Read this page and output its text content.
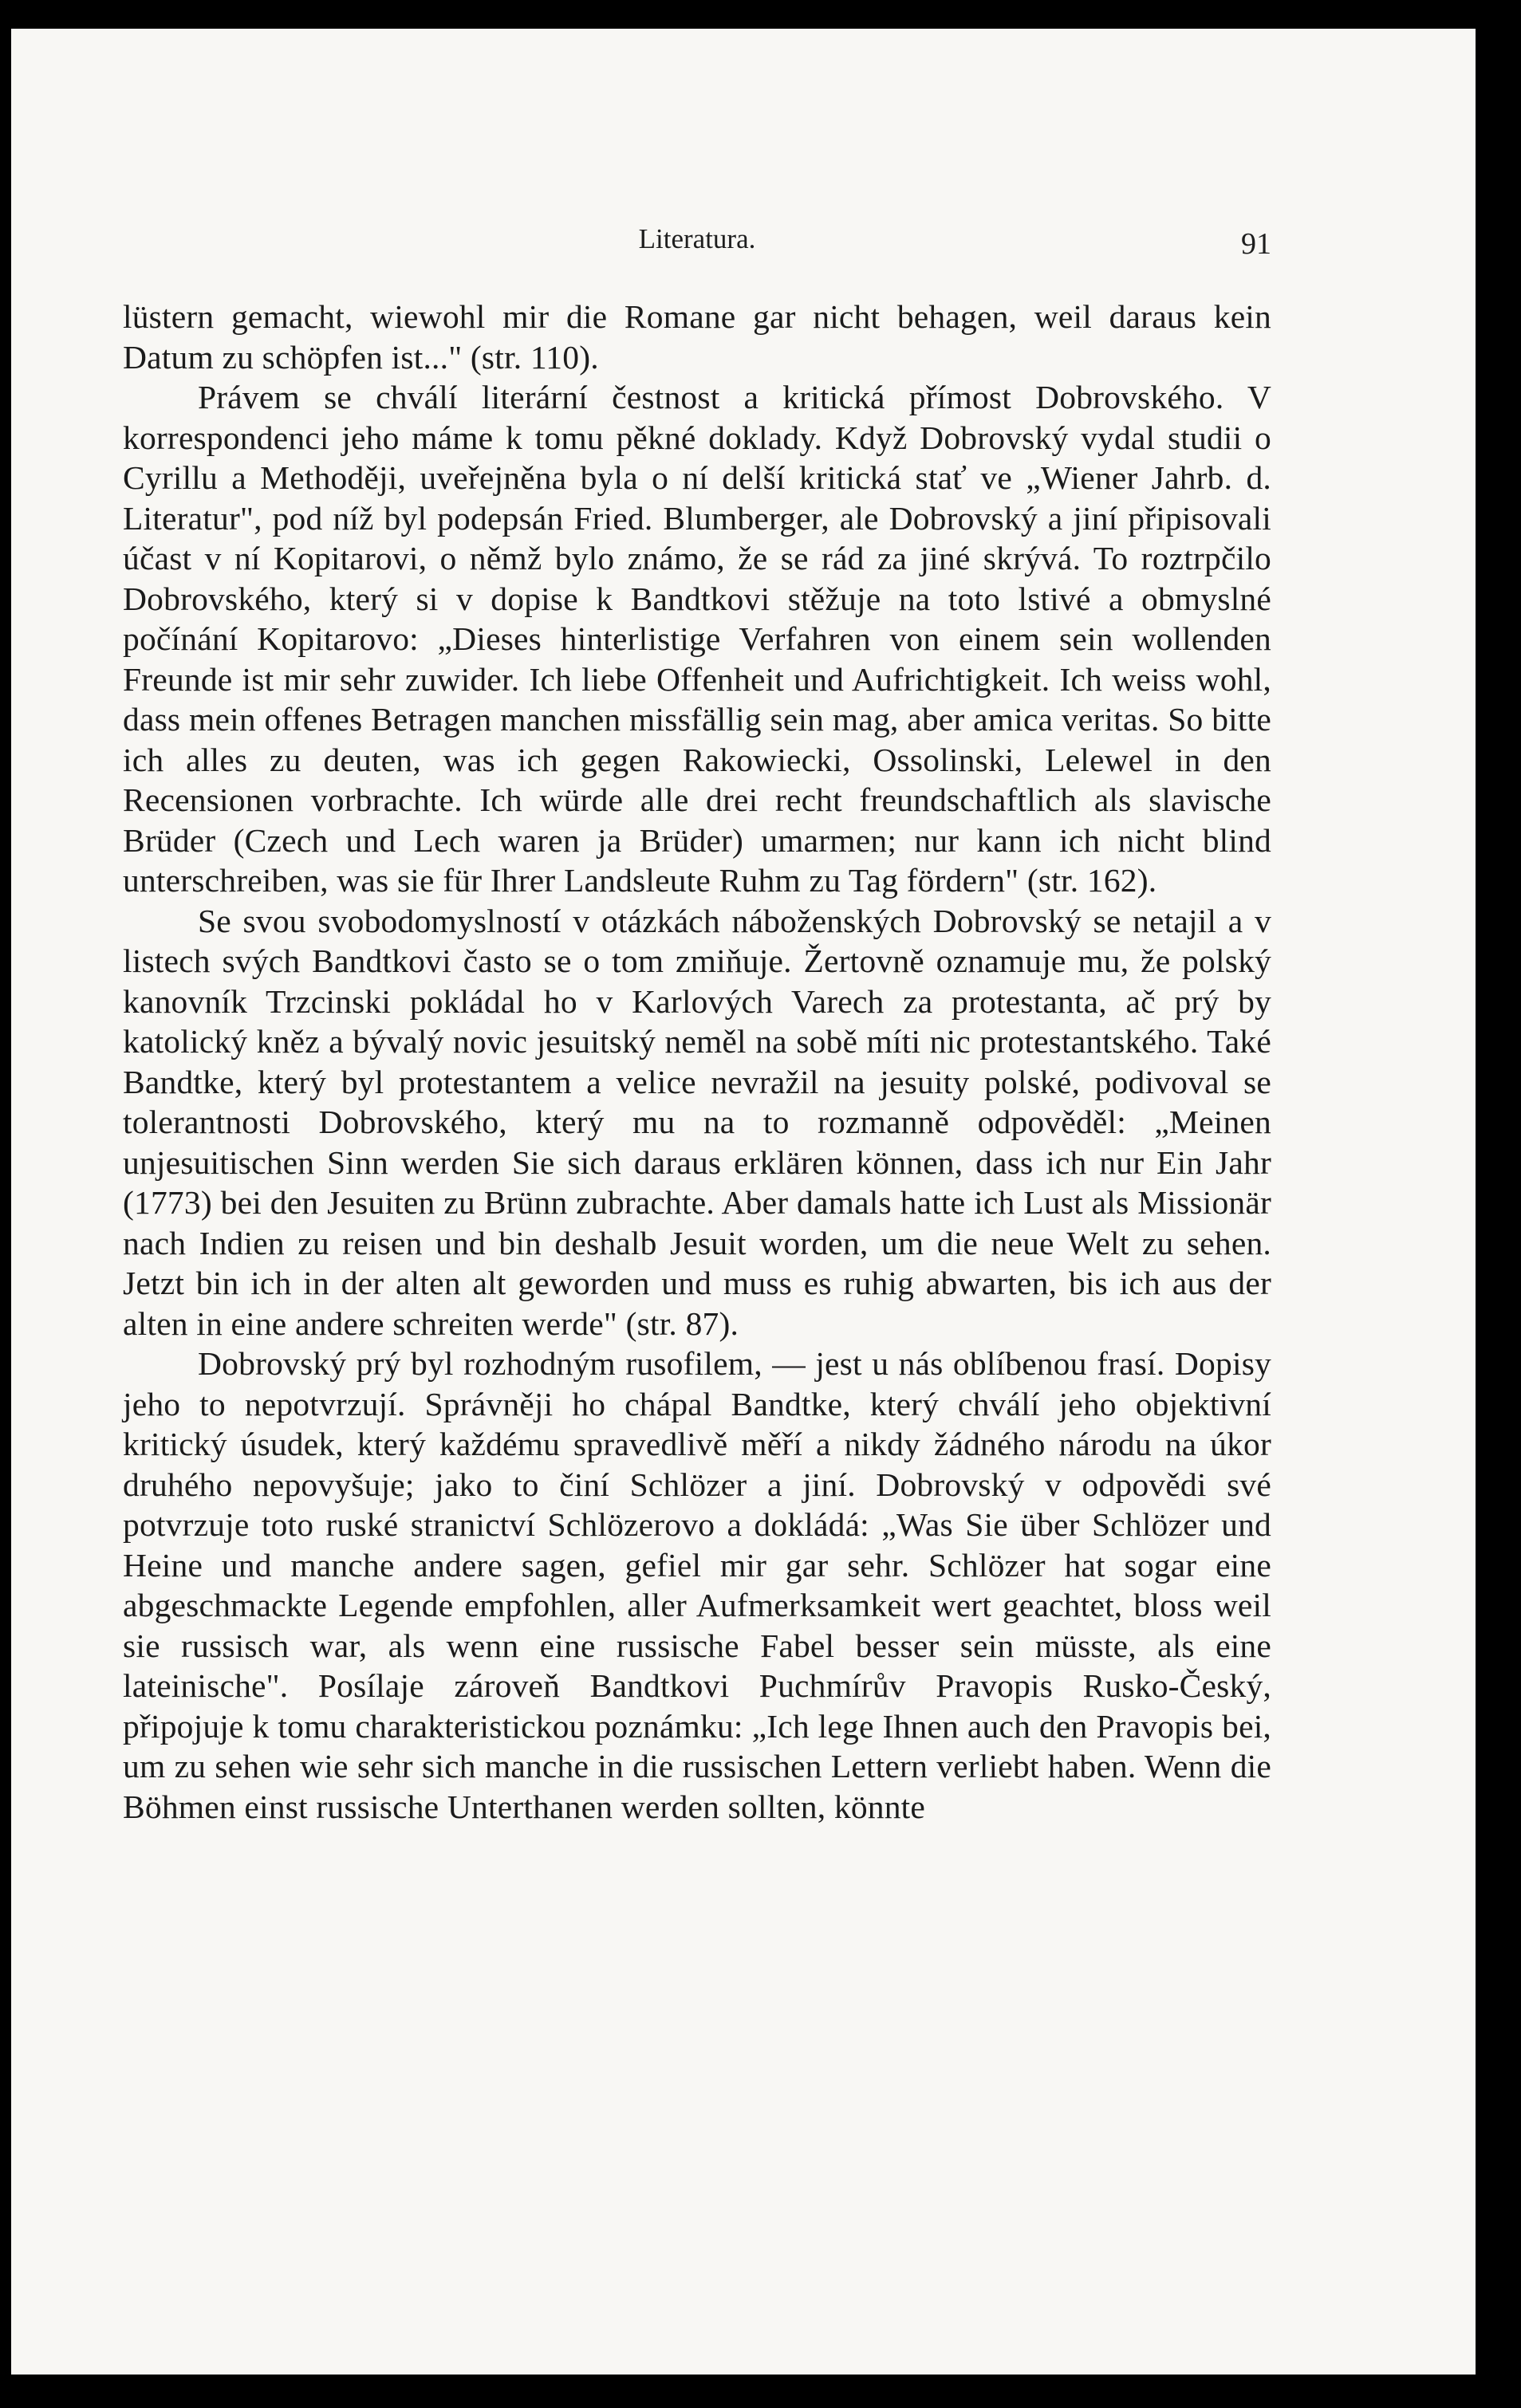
Literatura.	91

lüstern gemacht, wiewohl mir die Romane gar nicht behagen, weil daraus kein Datum zu schöpfen ist..." (str. 110).

Právem se chválí literární čestnost a kritická přímost Dobrovského. V korrespondenci jeho máme k tomu pěkné doklady. Když Dobrovský vydal studii o Cyrillu a Methoději, uveřejněna byla o ní delší kritická stať ve „Wiener Jahrb. d. Literatur", pod níž byl podepsán Fried. Blumberger, ale Dobrovský a jiní připisovali účast v ní Kopitarovi, o němž bylo známo, že se rád za jiné skrývá. To roztrpčilo Dobrovského, který si v dopise k Bandtkovi stěžuje na toto lstivé a obmyslné počínání Kopitarovo: „Dieses hinterlistige Verfahren von einem sein wollenden Freunde ist mir sehr zuwider. Ich liebe Offenheit und Aufrichtigkeit. Ich weiss wohl, dass mein offenes Betragen manchen missfällig sein mag, aber amica veritas. So bitte ich alles zu deuten, was ich gegen Rakowiecki, Ossolinski, Lelewel in den Recensionen vorbrachte. Ich würde alle drei recht freundschaftlich als slavische Brüder (Czech und Lech waren ja Brüder) umarmen; nur kann ich nicht blind unterschreiben, was sie für Ihrer Landsleute Ruhm zu Tag fördern" (str. 162).

Se svou svobodomyslností v otázkách náboženských Dobrovský se netajil a v listech svých Bandtkovi často se o tom zmiňuje. Žertovně oznamuje mu, že polský kanovník Trzcinski pokládal ho v Karlových Varech za protestanta, ač prý by katolický kněz a bývalý novic jesuitský neměl na sobě míti nic protestantského. Také Bandtke, který byl protestantem a velice nevražil na jesuity polské, podivoval se tolerantnosti Dobrovského, který mu na to rozmanně odpověděl: „Meinen unjesuitischen Sinn werden Sie sich daraus erklären können, dass ich nur Ein Jahr (1773) bei den Jesuiten zu Brünn zubrachte. Aber damals hatte ich Lust als Missionär nach Indien zu reisen und bin deshalb Jesuit worden, um die neue Welt zu sehen. Jetzt bin ich in der alten alt geworden und muss es ruhig abwarten, bis ich aus der alten in eine andere schreiten werde" (str. 87).

Dobrovský prý byl rozhodným rusofilem, — jest u nás oblíbenou frasí. Dopisy jeho to nepotvrzují. Správněji ho chápal Bandtke, který chválí jeho objektivní kritický úsudek, který každému spravedlivě měří a nikdy žádného národu na úkor druhého nepovyšuje; jako to činí Schlözer a jiní. Dobrovský v odpovědi své potvrzuje toto ruské stranictví Schlözerovo a dokládá: „Was Sie über Schlözer und Heine und manche andere sagen, gefiel mir gar sehr. Schlözer hat sogar eine abgeschmackte Legende empfohlen, aller Aufmerksamkeit wert geachtet, bloss weil sie russisch war, als wenn eine russische Fabel besser sein müsste, als eine lateinische". Posílaje zároveň Bandtkovi Puchmírův Pravopis Rusko-Český, připojuje k tomu charakteristickou poznámku: „Ich lege Ihnen auch den Pravopis bei, um zu sehen wie sehr sich manche in die russischen Lettern verliebt haben. Wenn die Böhmen einst russische Unterthanen werden sollten, könnte
